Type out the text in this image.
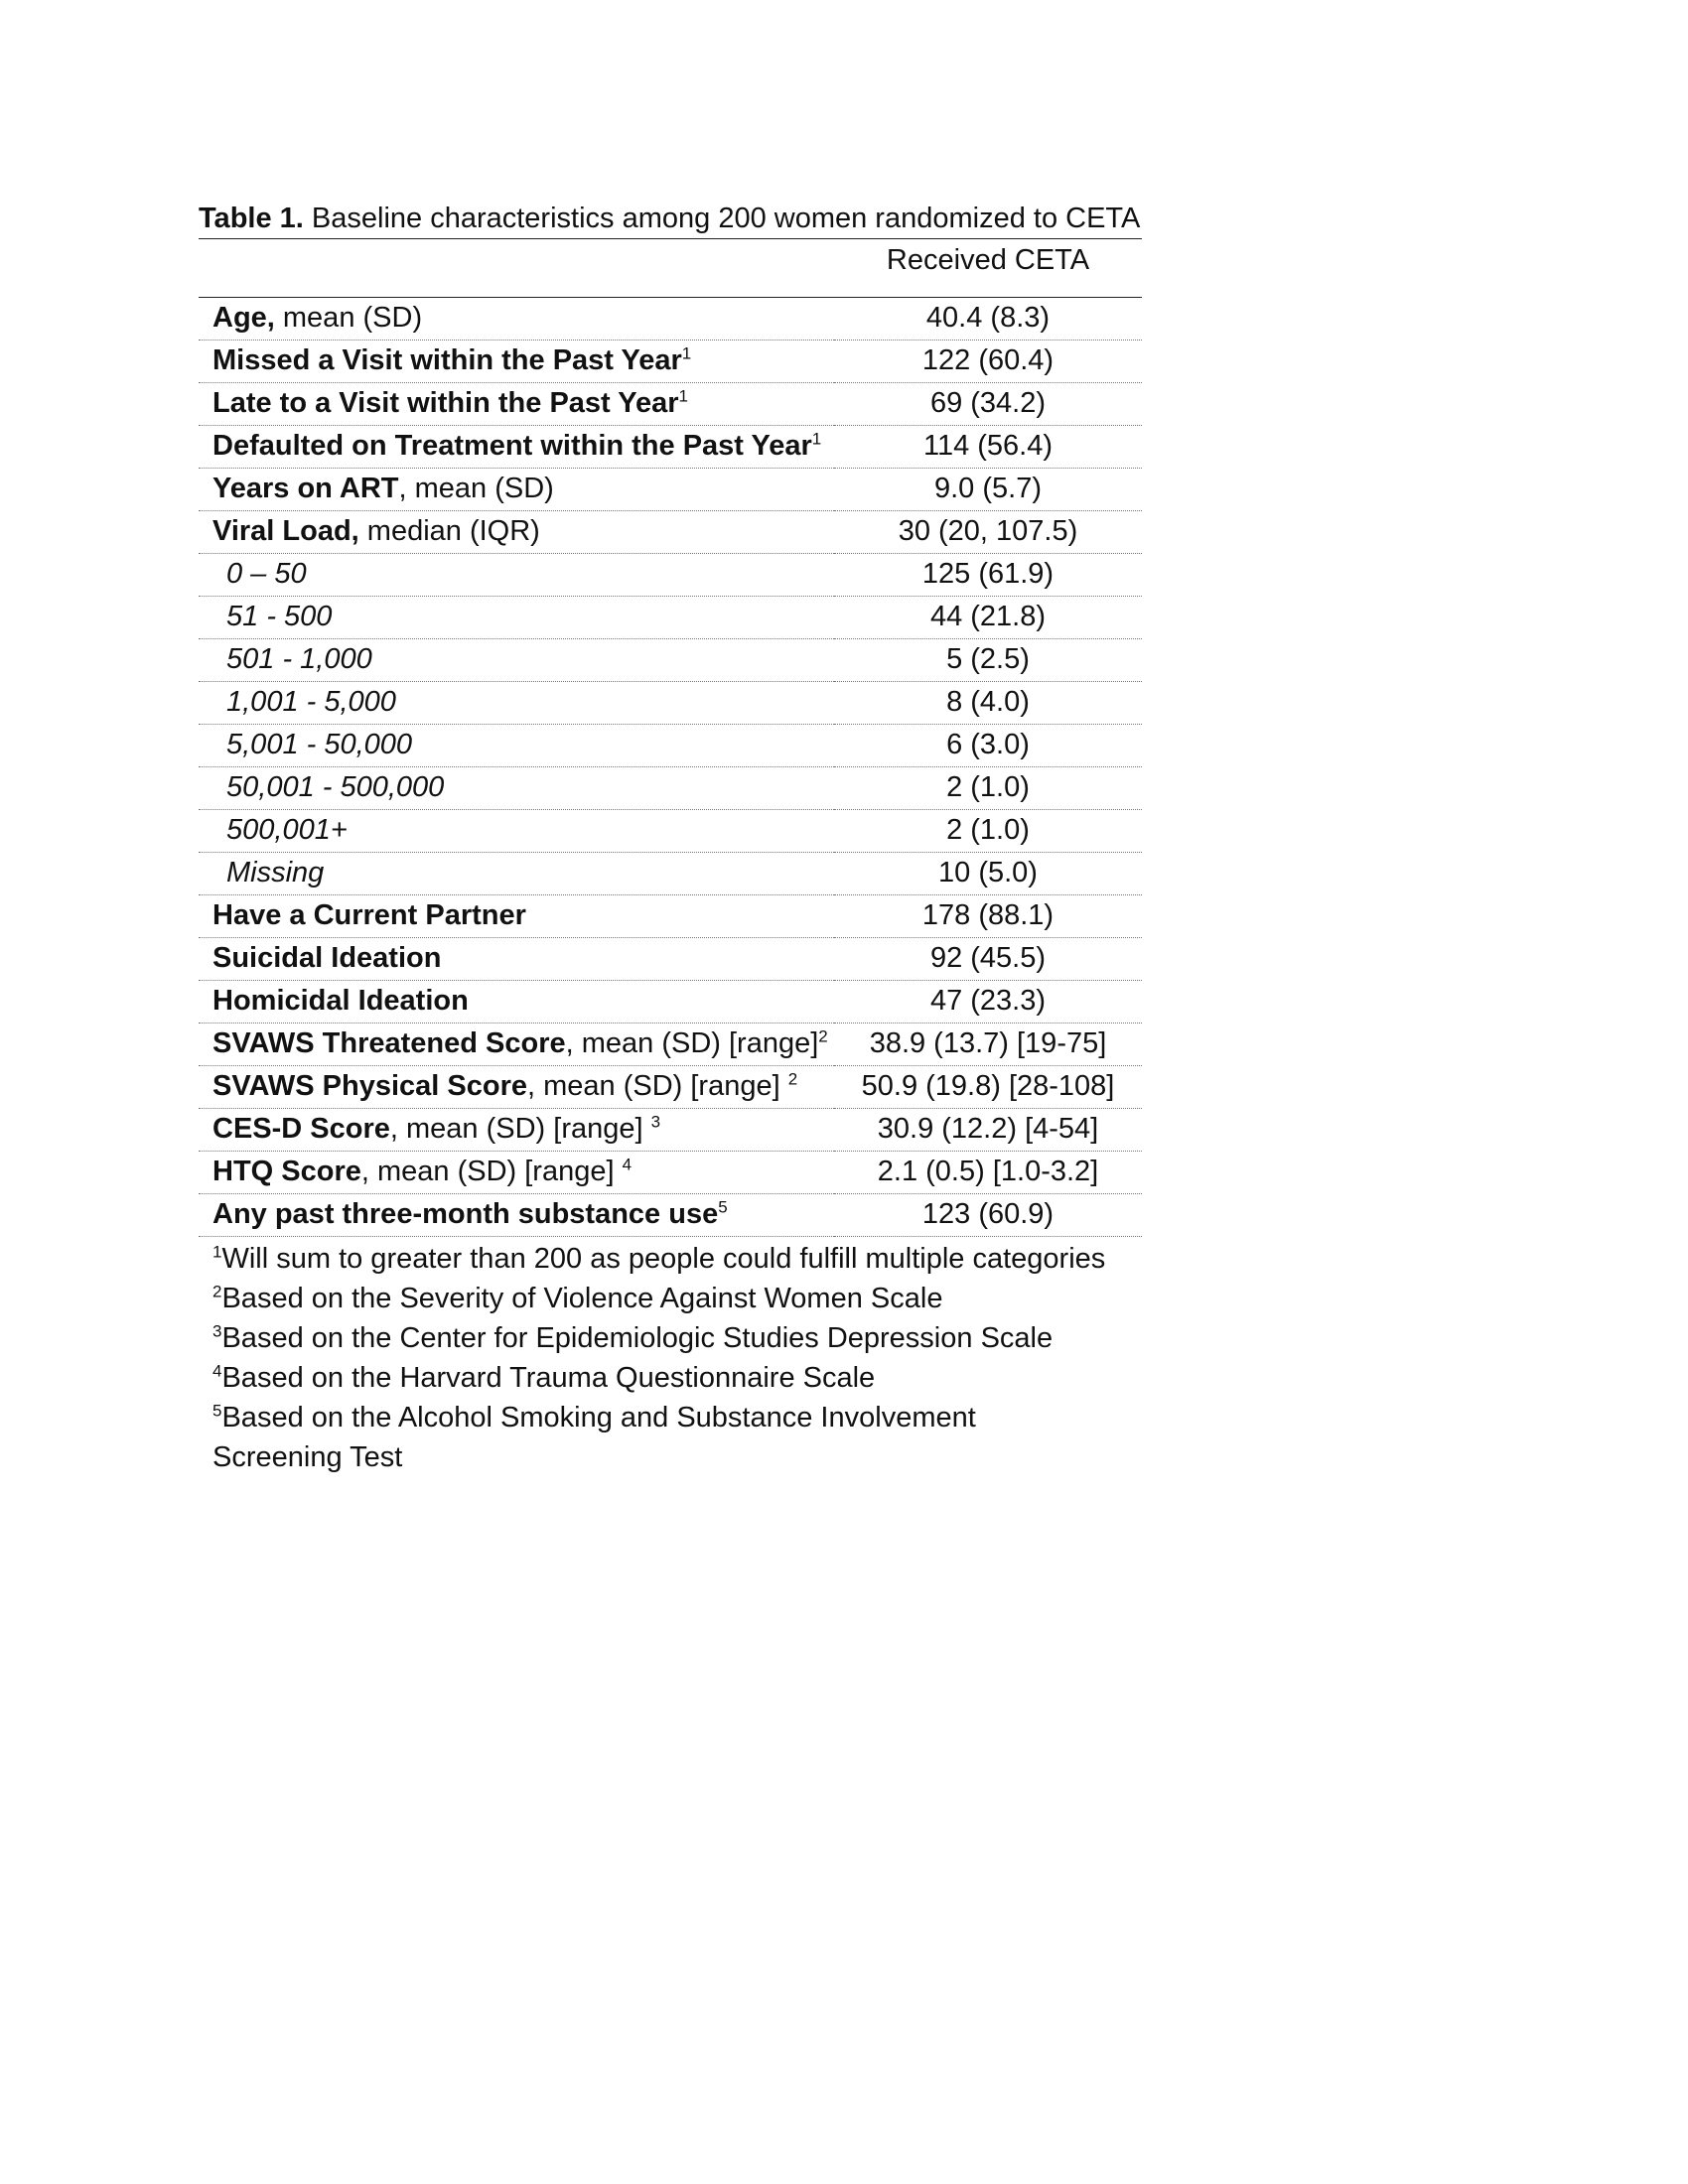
Table 1. Baseline characteristics among 200 women randomized to CETA
Received CETA
Age, mean (SD)	40.4 (8.3)
Missed a Visit within the Past Year$^1$	122 (60.4)
Late to a Visit within the Past Year$^1$	69 (34.2)
Defaulted on Treatment within the Past Year$^1$	114 (56.4)
Years on ART, mean (SD)	9.0 (5.7)
Viral Load, median (IQR)	30 (20, 107.5)
0 – 50	125 (61.9)
51 - 500	44 (21.8)
501 - 1,000	5 (2.5)
1,001 - 5,000	8 (4.0)
5,001 - 50,000	6 (3.0)
50,001 - 500,000	2 (1.0)
500,001+	2 (1.0)
Missing	10 (5.0)
Have a Current Partner	178 (88.1)
Suicidal Ideation	92 (45.5)
Homicidal Ideation	47 (23.3)
SVAWS Threatened Score, mean (SD) [range]$^2$	38.9 (13.7) [19-75]
SVAWS Physical Score, mean (SD) [range] $^2$	50.9 (19.8) [28-108]
CES-D Score, mean (SD) [range] $^3$	30.9 (12.2) [4-54]
HTQ Score, mean (SD) [range] $^4$	2.1 (0.5) [1.0-3.2]
Any past three-month substance use$^5$	123 (60.9)
$^1$Will sum to greater than 200 as people could fulfill multiple categories
$^2$Based on the Severity of Violence Against Women Scale
$^3$Based on the Center for Epidemiologic Studies Depression Scale
$^4$Based on the Harvard Trauma Questionnaire Scale
$^5$Based on the Alcohol Smoking and Substance Involvement Screening Test
